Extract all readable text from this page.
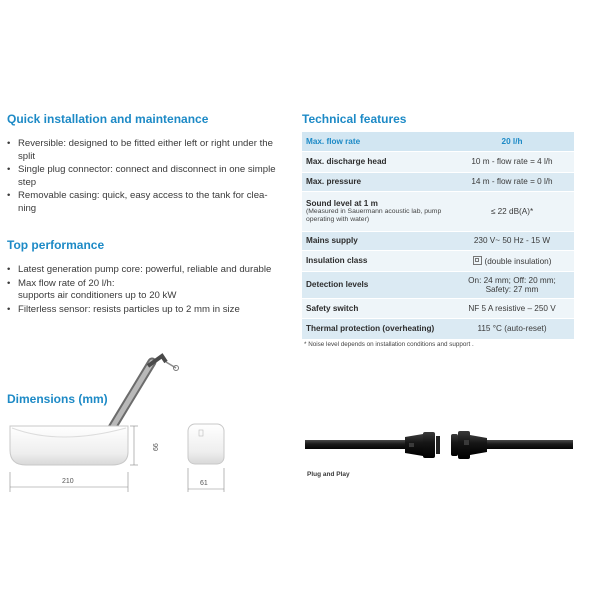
Quick installation and maintenance
• Reversible: designed to be fitted either left or right under the
split
• Single plug connector: connect and disconnect in one simple
step
• Removable casing: quick, easy access to the tank for clea-
ning
Top performance
• Latest generation pump core: powerful, reliable and durable
• Max flow rate of 20 l/h:
supports air conditioners up to 20 kW
• Filterless sensor: resists particles up to 2 mm in size
Dimensions (mm)
66
210	61
Technical features
Max. flow rate	20 l/h
Max. discharge head	10 m - flow rate = 4 l/h
Max. pressure	14 m - flow rate = 0 l/h
Sound level at 1 m
(Measured in Sauermann acoustic lab, pump operating with water)	≤ 22 dB(A)*
Mains supply	230 V~ 50 Hz - 15 W
Insulation class	(double insulation)
Detection levels	On: 24 mm; Off: 20 mm;
Safety: 27 mm
Safety switch	NF 5 A resistive – 250 V
Thermal protection (overheating)	115 °C (auto-reset)
* Noise level depends on installation conditions and support .
Plug and Play
